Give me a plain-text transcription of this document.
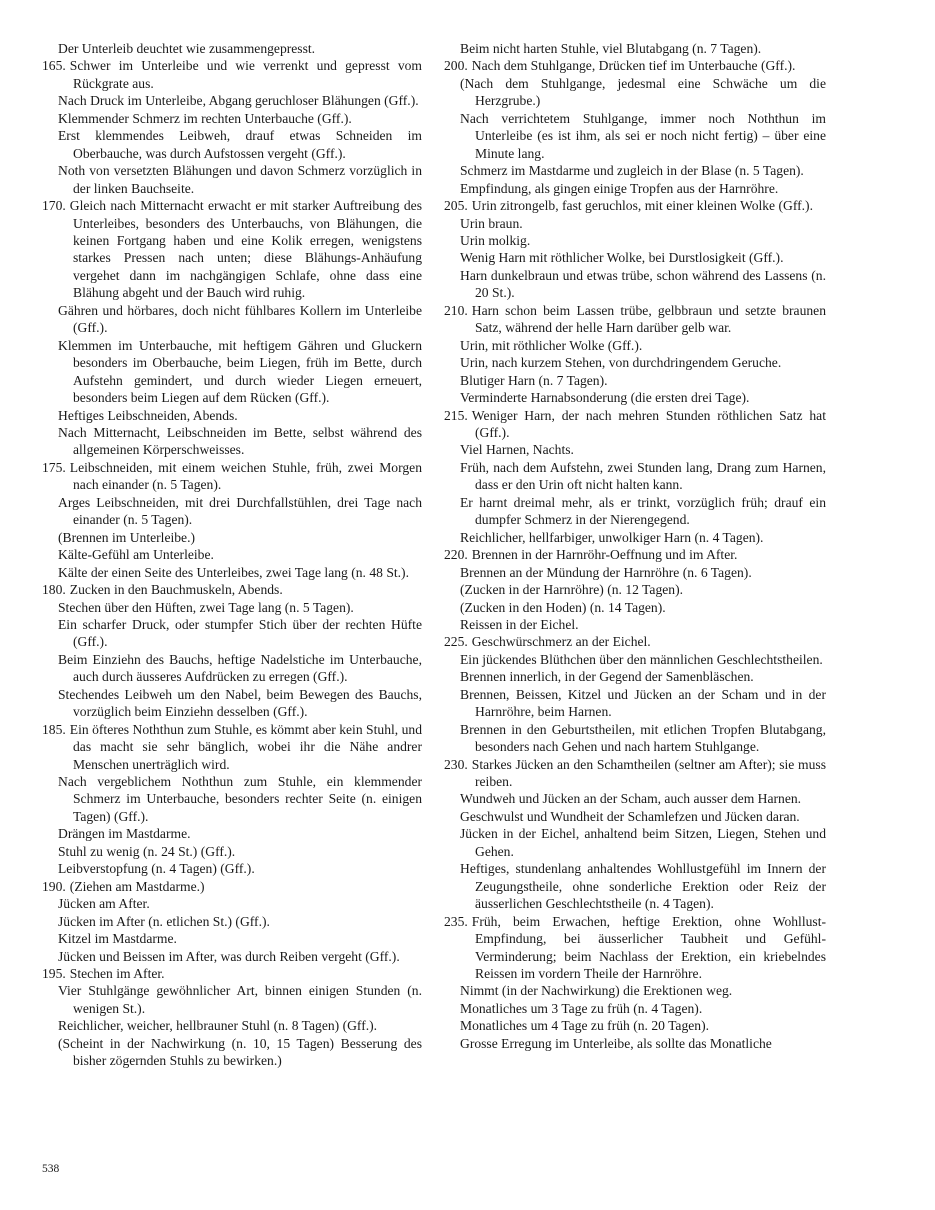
Der Unterleib deuchtet wie zusammengepresst.

165. Schwer im Unterleibe und wie verrenkt und gepresst vom Rückgrate aus.

Nach Druck im Unterleibe, Abgang geruchloser Blähungen (Gff.).

Klemmender Schmerz im rechten Unterbauche (Gff.).

Erst klemmendes Leibweh, drauf etwas Schneiden im Oberbauche, was durch Aufstossen vergeht (Gff.).

Noth von versetzten Blähungen und davon Schmerz vorzüglich in der linken Bauchseite.

170. Gleich nach Mitternacht erwacht er mit starker Auftreibung des Unterleibes, besonders des Unterbauchs, von Blähungen, die keinen Fortgang haben und eine Kolik erregen, wenigstens starkes Pressen nach unten; diese Blähungs-Anhäufung vergehet dann im nachgängigen Schlafe, ohne dass eine Blähung abgeht und der Bauch wird ruhig.

Gähren und hörbares, doch nicht fühlbares Kollern im Unterleibe (Gff.).

Klemmen im Unterbauche, mit heftigem Gähren und Gluckern besonders im Oberbauche, beim Liegen, früh im Bette, durch Aufstehn gemindert, und durch wieder Liegen erneuert, besonders beim Liegen auf dem Rücken (Gff.).

Heftiges Leibschneiden, Abends.

Nach Mitternacht, Leibschneiden im Bette, selbst während des allgemeinen Körperschweisses.

175. Leibschneiden, mit einem weichen Stuhle, früh, zwei Morgen nach einander (n. 5 Tagen).

Arges Leibschneiden, mit drei Durchfallstühlen, drei Tage nach einander (n. 5 Tagen).

(Brennen im Unterleibe.)

Kälte-Gefühl am Unterleibe.

Kälte der einen Seite des Unterleibes, zwei Tage lang (n. 48 St.).

180. Zucken in den Bauchmuskeln, Abends.

Stechen über den Hüften, zwei Tage lang (n. 5 Tagen).

Ein scharfer Druck, oder stumpfer Stich über der rechten Hüfte (Gff.).

Beim Einziehn des Bauchs, heftige Nadelstiche im Unterbauche, auch durch äusseres Aufdrücken zu erregen (Gff.).

Stechendes Leibweh um den Nabel, beim Bewegen des Bauchs, vorzüglich beim Einziehn desselben (Gff.).

185. Ein öfteres Noththun zum Stuhle, es kömmt aber kein Stuhl, und das macht sie sehr bänglich, wobei ihr die Nähe andrer Menschen unerträglich wird.

Nach vergeblichem Noththun zum Stuhle, ein klemmender Schmerz im Unterbauche, besonders rechter Seite (n. einigen Tagen) (Gff.).

Drängen im Mastdarme.

Stuhl zu wenig (n. 24 St.) (Gff.).

Leibverstopfung (n. 4 Tagen) (Gff.).

190. (Ziehen am Mastdarme.)

Jücken am After.

Jücken im After (n. etlichen St.) (Gff.).

Kitzel im Mastdarme.

Jücken und Beissen im After, was durch Reiben vergeht (Gff.).

195. Stechen im After.

Vier Stuhlgänge gewöhnlicher Art, binnen einigen Stunden (n. wenigen St.).

Reichlicher, weicher, hellbrauner Stuhl (n. 8 Tagen) (Gff.).

(Scheint in der Nachwirkung (n. 10, 15 Tagen) Besserung des bisher zögernden Stuhls zu bewirken.)

Beim nicht harten Stuhle, viel Blutabgang (n. 7 Tagen).

200. Nach dem Stuhlgange, Drücken tief im Unterbauche (Gff.).

(Nach dem Stuhlgange, jedesmal eine Schwäche um die Herzgrube.)

Nach verrichtetem Stuhlgange, immer noch Noththun im Unterleibe (es ist ihm, als sei er noch nicht fertig) – über eine Minute lang.

Schmerz im Mastdarme und zugleich in der Blase (n. 5 Tagen).

Empfindung, als gingen einige Tropfen aus der Harnröhre.

205. Urin zitrongelb, fast geruchlos, mit einer kleinen Wolke (Gff.).

Urin braun.

Urin molkig.

Wenig Harn mit röthlicher Wolke, bei Durstlosigkeit (Gff.).

Harn dunkelbraun und etwas trübe, schon während des Lassens (n. 20 St.).

210. Harn schon beim Lassen trübe, gelbbraun und setzte braunen Satz, während der helle Harn darüber gelb war.

Urin, mit röthlicher Wolke (Gff.).

Urin, nach kurzem Stehen, von durchdringendem Geruche.

Blutiger Harn (n. 7 Tagen).

Verminderte Harnabsonderung (die ersten drei Tage).

215. Weniger Harn, der nach mehren Stunden röthlichen Satz hat (Gff.).

Viel Harnen, Nachts.

Früh, nach dem Aufstehn, zwei Stunden lang, Drang zum Harnen, dass er den Urin oft nicht halten kann.

Er harnt dreimal mehr, als er trinkt, vorzüglich früh; drauf ein dumpfer Schmerz in der Nierengegend.

Reichlicher, hellfarbiger, unwolkiger Harn (n. 4 Tagen).

220. Brennen in der Harnröhr-Oeffnung und im After.

Brennen an der Mündung der Harnröhre (n. 6 Tagen).

(Zucken in der Harnröhre) (n. 12 Tagen).

(Zucken in den Hoden) (n. 14 Tagen).

Reissen in der Eichel.

225. Geschwürschmerz an der Eichel.

Ein jückendes Blüthchen über den männlichen Geschlechtstheilen.

Brennen innerlich, in der Gegend der Samenbläschen.

Brennen, Beissen, Kitzel und Jücken an der Scham und in der Harnröhre, beim Harnen.

Brennen in den Geburtstheilen, mit etlichen Tropfen Blutabgang, besonders nach Gehen und nach hartem Stuhlgange.

230. Starkes Jücken an den Schamtheilen (seltner am After); sie muss reiben.

Wundweh und Jücken an der Scham, auch ausser dem Harnen.

Geschwulst und Wundheit der Schamlefzen und Jücken daran.

Jücken in der Eichel, anhaltend beim Sitzen, Liegen, Stehen und Gehen.

Heftiges, stundenlang anhaltendes Wohllustgefühl im Innern der Zeugungstheile, ohne sonderliche Erektion oder Reiz der äusserlichen Geschlechtstheile (n. 4 Tagen).

235. Früh, beim Erwachen, heftige Erektion, ohne Wohllust-Empfindung, bei äusserlicher Taubheit und Gefühl-Verminderung; beim Nachlass der Erektion, ein kriebelndes Reissen im vordern Theile der Harnröhre.

Nimmt (in der Nachwirkung) die Erektionen weg.

Monatliches um 3 Tage zu früh (n. 4 Tagen).

Monatliches um 4 Tage zu früh (n. 20 Tagen).

Grosse Erregung im Unterleibe, als sollte das Monatliche

538
